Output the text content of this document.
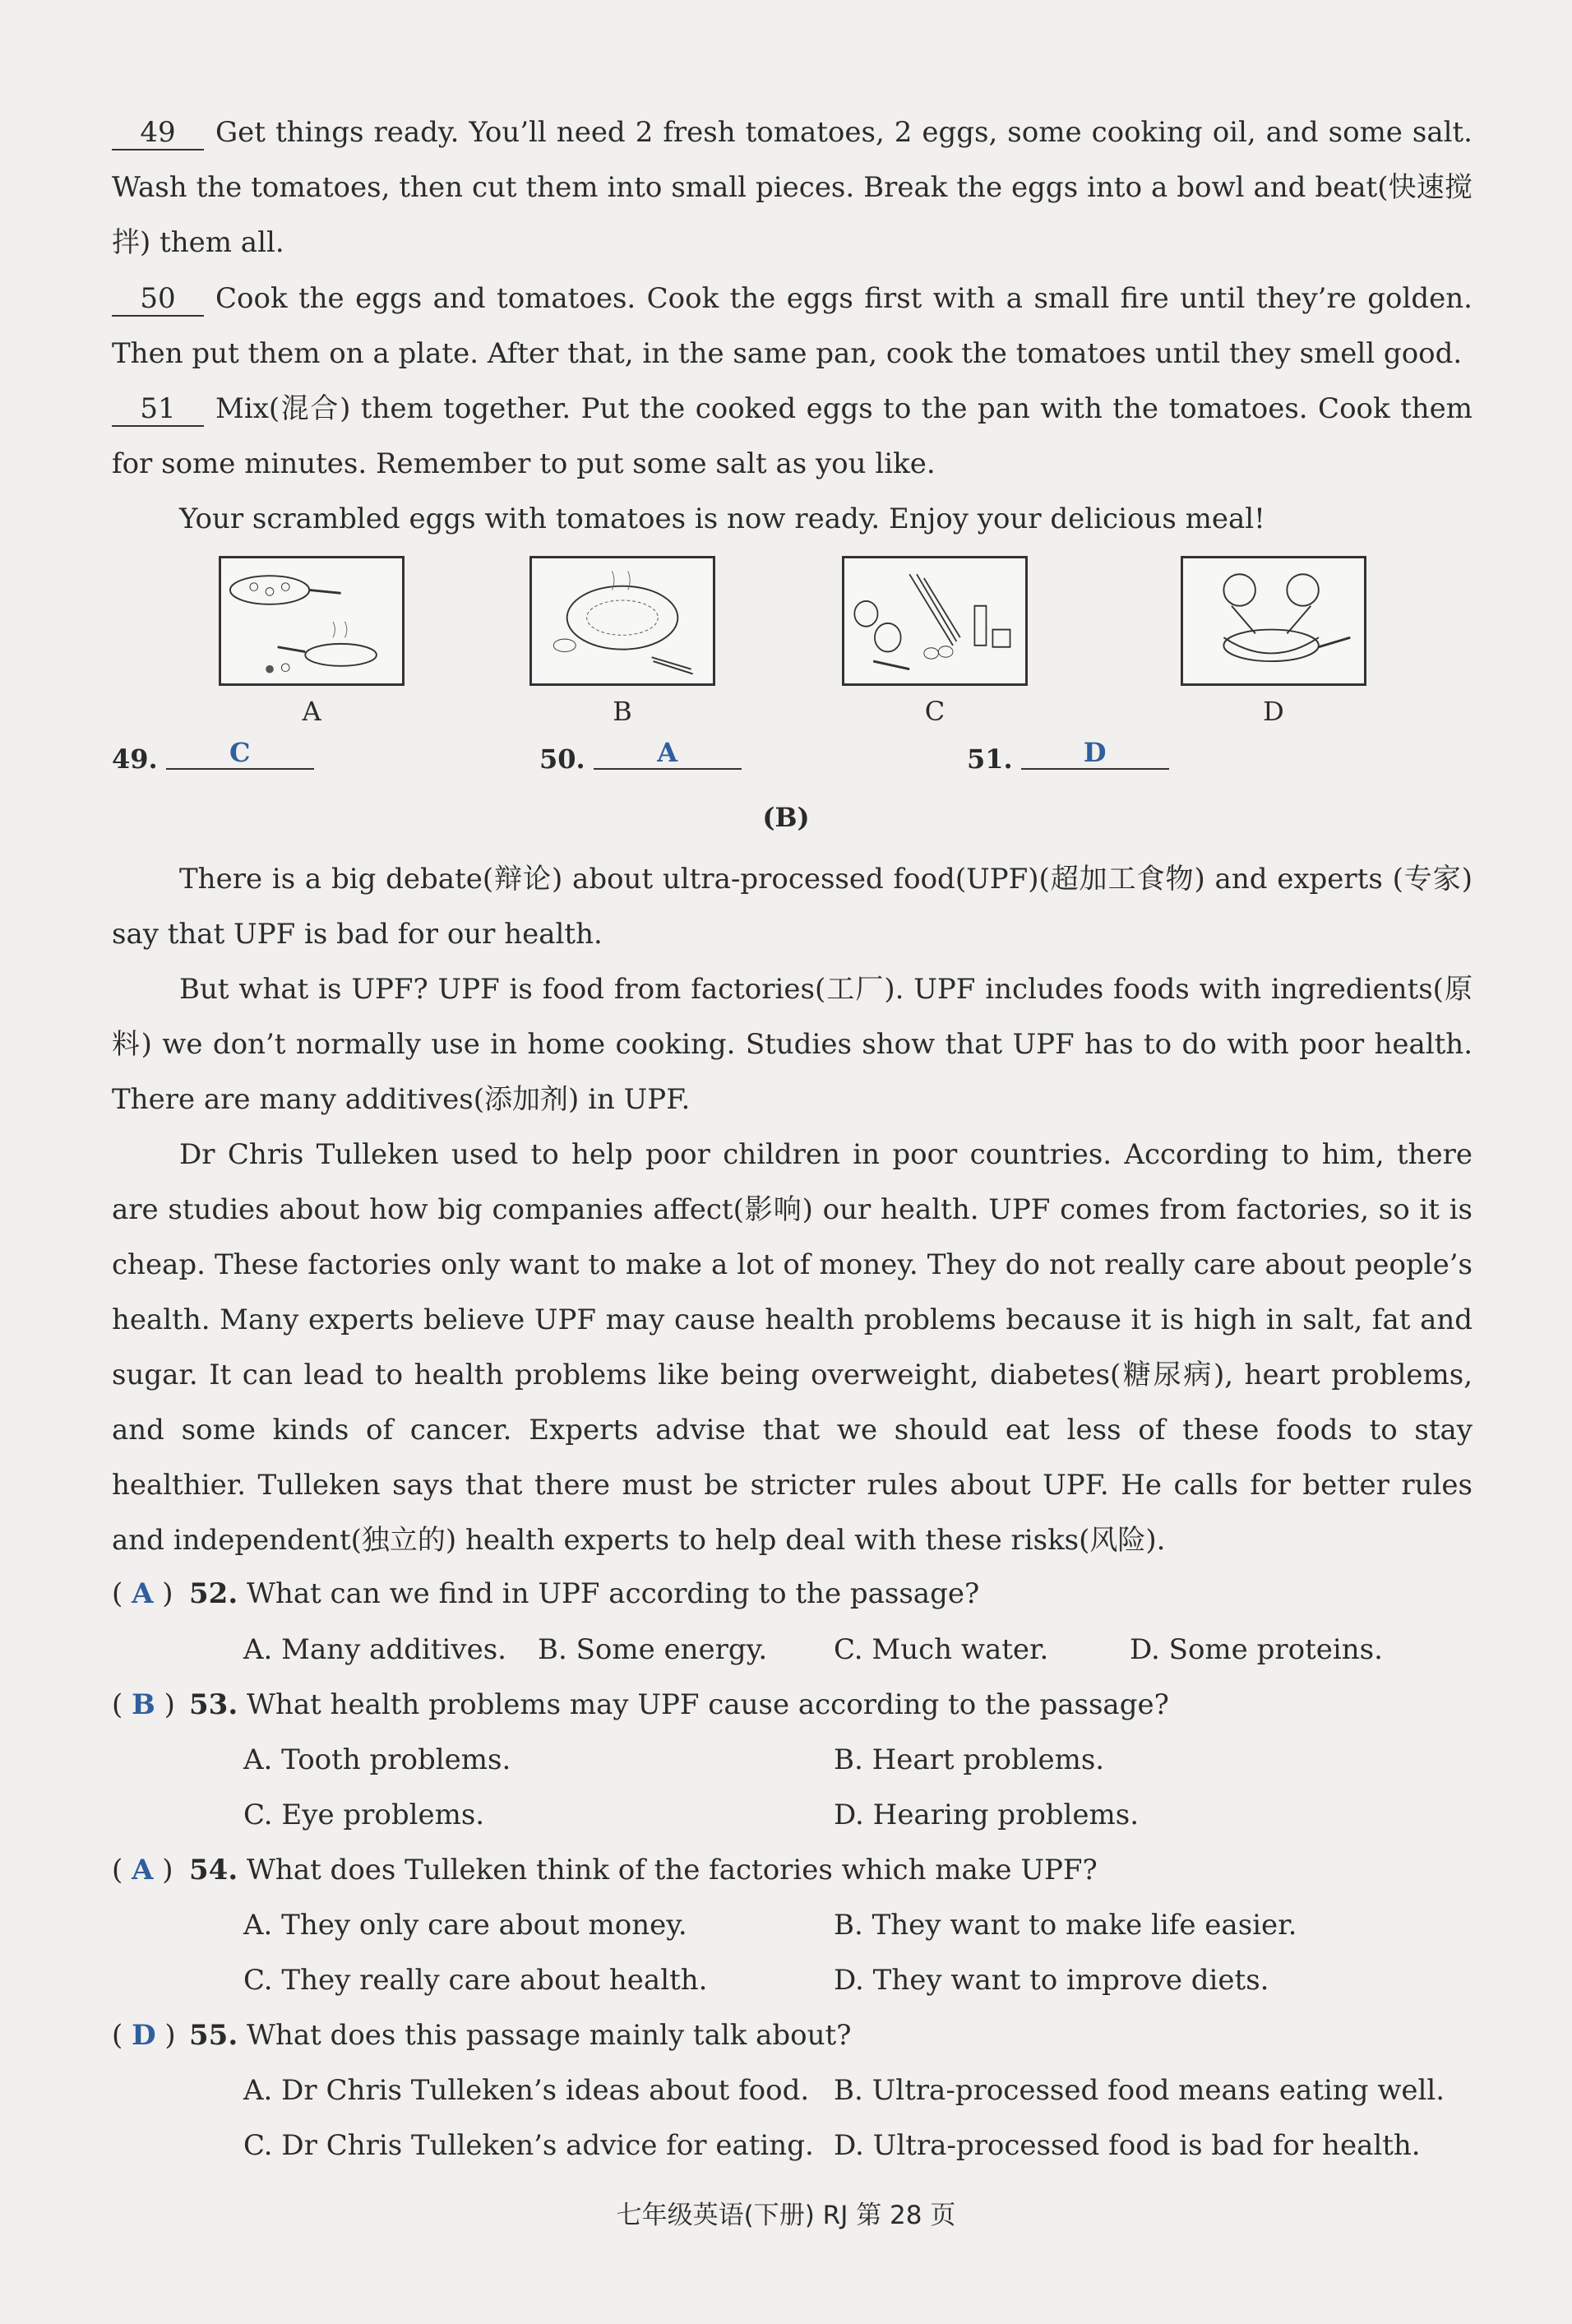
49 Get things ready. You’ll need 2 fresh tomatoes, 2 eggs, some cooking oil, and some salt. Wash the tomatoes, then cut them into small pieces. Break the eggs into a bowl and beat(快速搅拌) them all.
50 Cook the eggs and tomatoes. Cook the eggs first with a small fire until they’re golden. Then put them on a plate. After that, in the same pan, cook the tomatoes until they smell good.
51 Mix(混合) them together. Put the cooked eggs to the pan with the tomatoes. Cook them for some minutes. Remember to put some salt as you like.
Your scrambled eggs with tomatoes is now ready. Enjoy your delicious meal!
A	B	C	D
49.	C	50.	A	51.	D
(B)
There is a big debate(辩论) about ultra-processed food(UPF)(超加工食物) and experts (专家) say that UPF is bad for our health.
But what is UPF? UPF is food from factories(工厂). UPF includes foods with ingredients(原料) we don’t normally use in home cooking. Studies show that UPF has to do with poor health. There are many additives(添加剂) in UPF.
Dr Chris Tulleken used to help poor children in poor countries. According to him, there are studies about how big companies affect(影响) our health. UPF comes from factories, so it is cheap. These factories only want to make a lot of money. They do not really care about people’s health. Many experts believe UPF may cause health problems because it is high in salt, fat and sugar. It can lead to health problems like being overweight, diabetes(糖尿病), heart problems, and some kinds of cancer. Experts advise that we should eat less of these foods to stay healthier. Tulleken says that there must be stricter rules about UPF. He calls for better rules and independent(独立的) health experts to help deal with these risks(风险).
( A ) 52. What can we find in UPF according to the passage?
A. Many additives. B. Some energy. C. Much water.	D. Some proteins.
( B ) 53. What health problems may UPF cause according to the passage?
A. Tooth problems.	B. Heart problems.
C. Eye problems.	D. Hearing problems.
( A ) 54. What does Tulleken think of the factories which make UPF?
A. They only care about money.	B. They want to make life easier.
C. They really care about health.	D. They want to improve diets.
( D ) 55. What does this passage mainly talk about?
A. Dr Chris Tulleken’s ideas about food. B. Ultra-processed food means eating well.
C. Dr Chris Tulleken’s advice for eating. D. Ultra-processed food is bad for health.
七年级英语(下册) RJ 第 28 页
